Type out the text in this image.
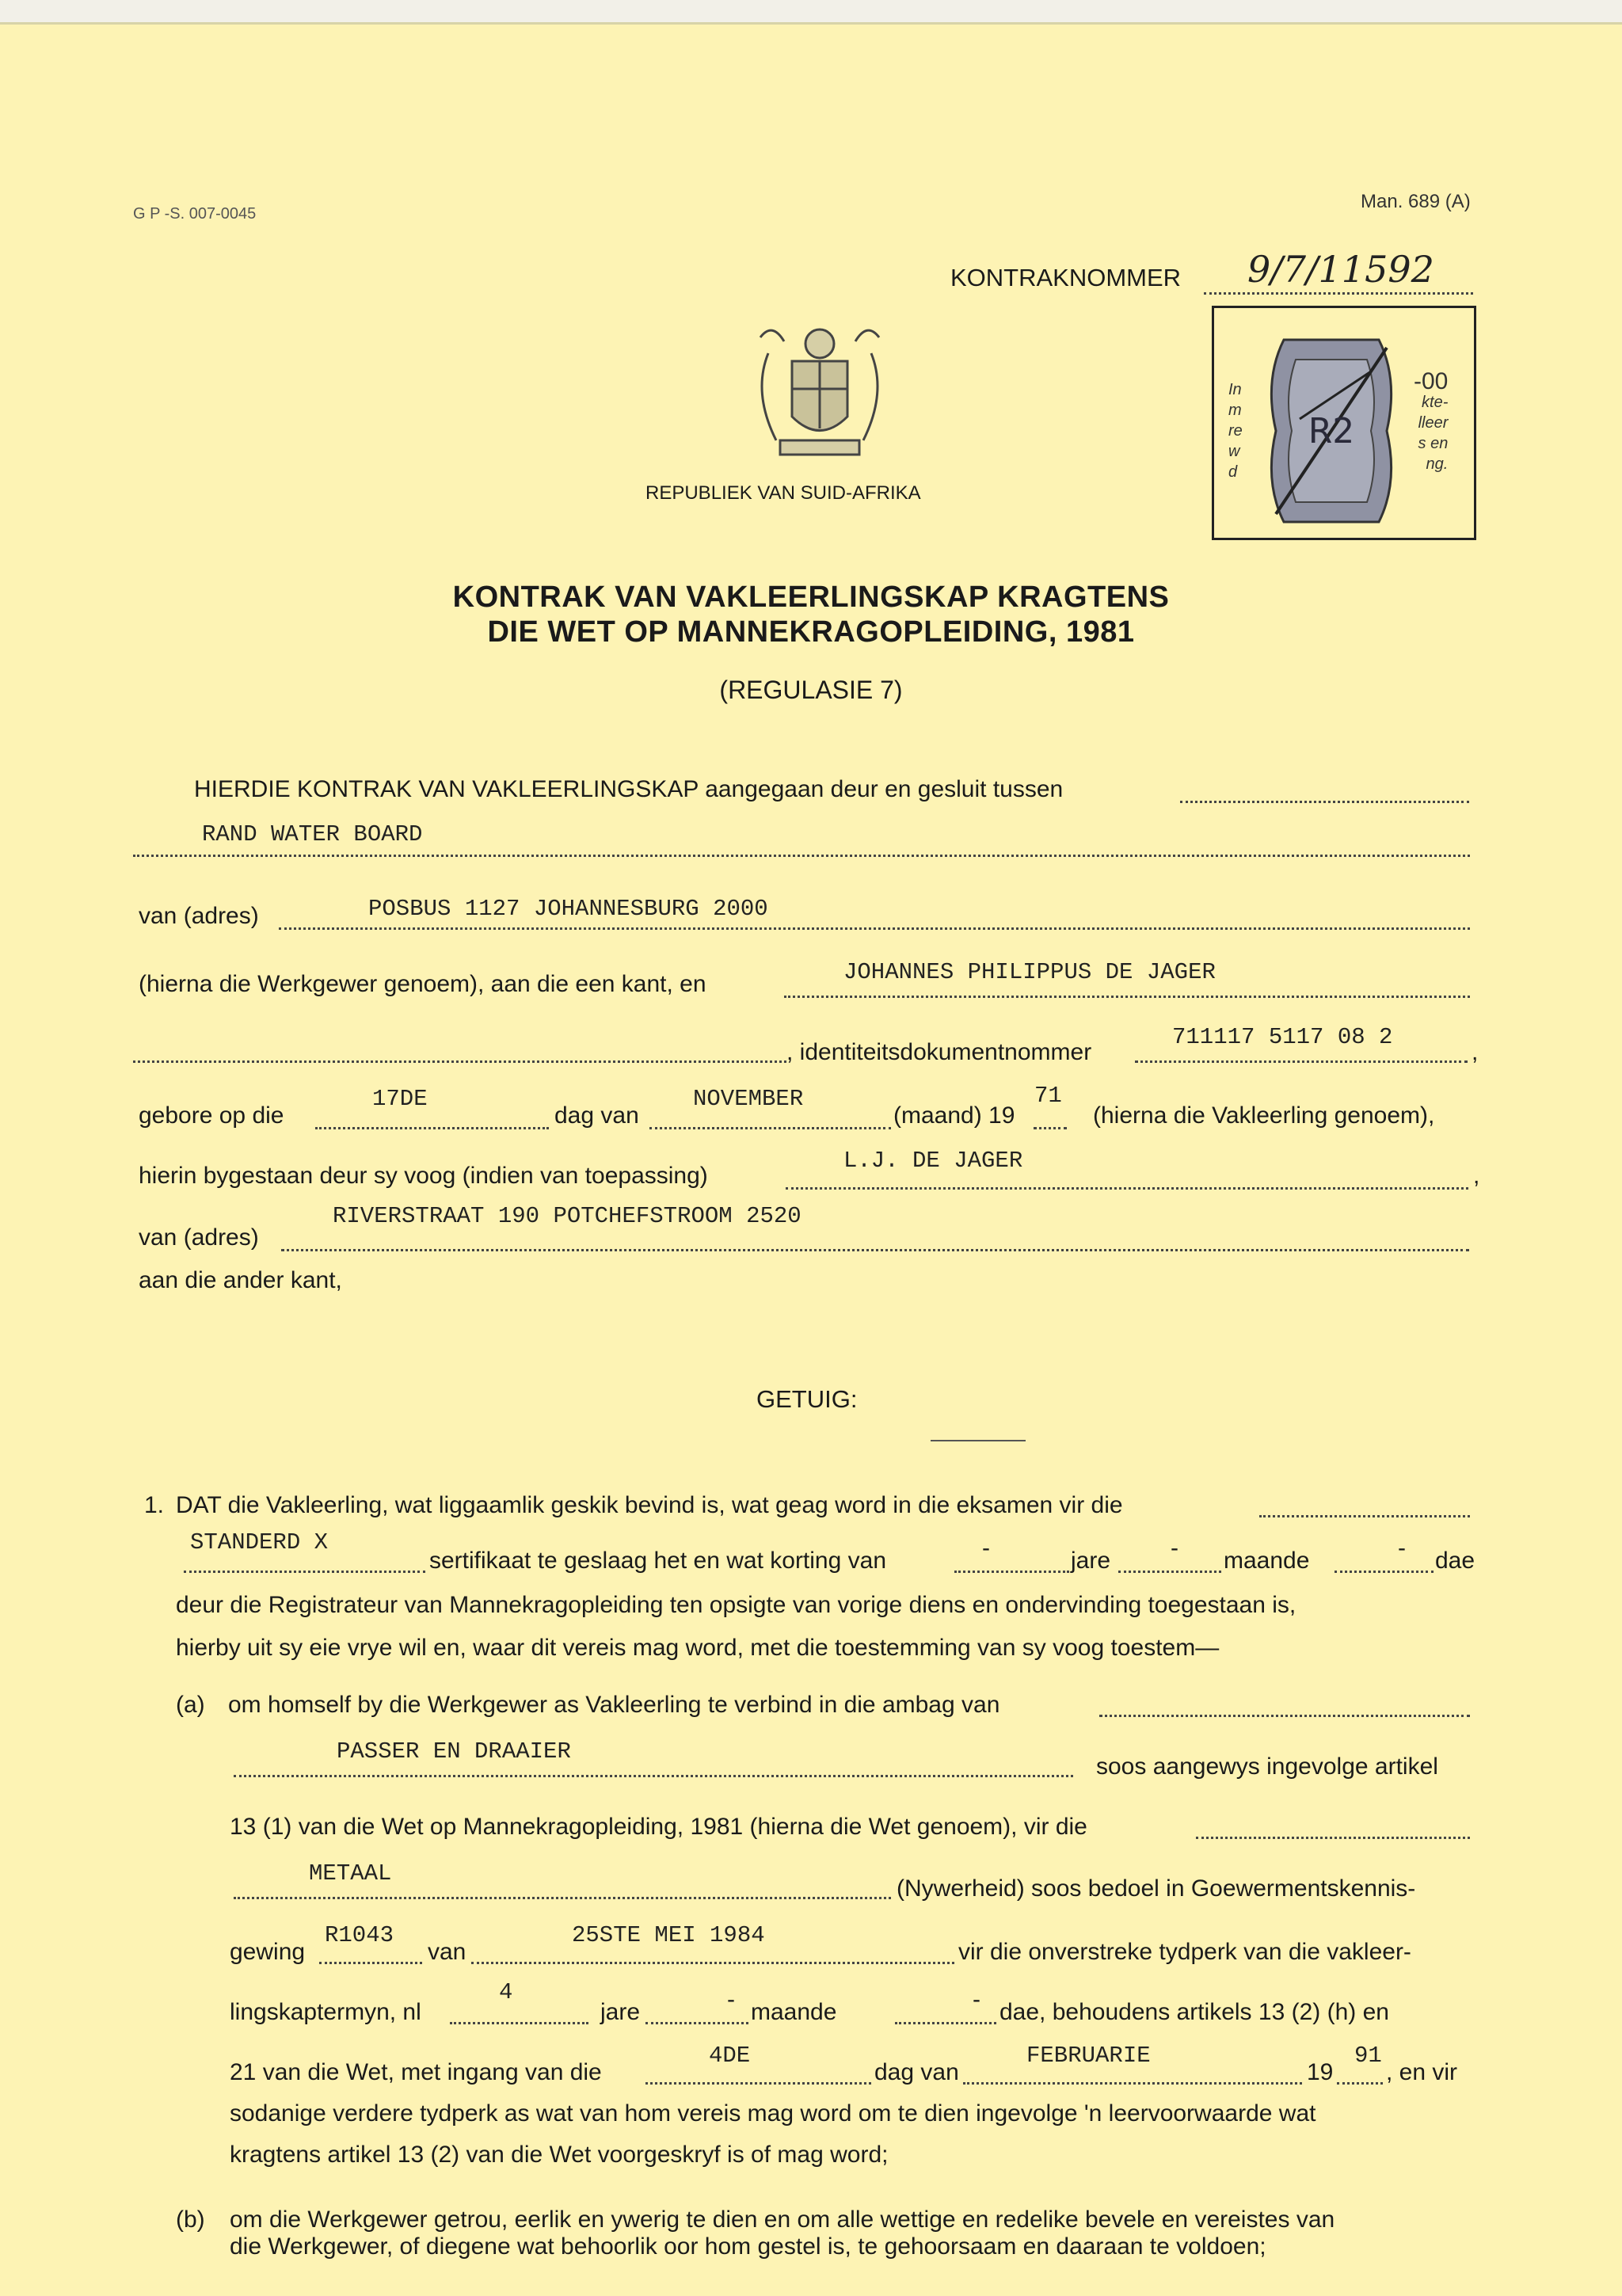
G P -S. 007-0045
Man. 689 (A)
KONTRAKNOMMER 9/7/11592
REPUBLIEK VAN SUID-AFRIKA
In
m
re
w
d
-00
kte-
lleer
s en
ng.
R2
KONTRAK VAN VAKLEERLINGSKAP KRAGTENS
DIE WET OP MANNEKRAGOPLEIDING, 1981
(REGULASIE 7)
HIERDIE KONTRAK VAN VAKLEERLINGSKAP aangegaan deur en gesluit tussen
RAND WATER BOARD
van (adres)	POSBUS 1127 JOHANNESBURG 2000
(hierna die Werkgewer genoem), aan die een kant, en	JOHANNES PHILIPPUS DE JAGER
, identiteitsdokumentnommer
711117 5117 08 2
,
gebore op die
17DE
dag van
NOVEMBER
(maand) 19
71
(hierna die Vakleerling genoem),
hierin bygestaan deur sy voog (indien van toepassing)
L.J. DE JAGER
,
van (adres)
RIVERSTRAAT 190 POTCHEFSTROOM 2520
aan die ander kant,
GETUIG:
1. DAT die Vakleerling, wat liggaamlik geskik bevind is, wat geag word in die eksamen vir die
STANDERD X
sertifikaat te geslaag het en wat korting van	-	jare	- maande	- dae
deur die Registrateur van Mannekragopleiding ten opsigte van vorige diens en ondervinding toegestaan is,
hierby uit sy eie vrye wil en, waar dit vereis mag word, met die toestemming van sy voog toestem—
(a) om homself by die Werkgewer as Vakleerling te verbind in die ambag van
PASSER EN DRAAIER
soos aangewys ingevolge artikel
13 (1) van die Wet op Mannekragopleiding, 1981 (hierna die Wet genoem), vir die
METAAL
(Nywerheid) soos bedoel in Goewermentskennis-
gewing
R1043
van
25STE MEI 1984
vir die onverstreke tydperk van die vakleer-
lingskaptermyn, nl
4
jare	- maande	- dae, behoudens artikels 13 (2) (h) en
21 van die Wet, met ingang van die
4DE
dag van
FEBRUARIE
19
91
, en vir
sodanige verdere tydperk as wat van hom vereis mag word om te dien ingevolge 'n leervoorwaarde wat
kragtens artikel 13 (2) van die Wet voorgeskryf is of mag word;
(b) om die Werkgewer getrou, eerlik en ywerig te dien en om alle wettige en redelike bevele en vereistes van
die Werkgewer, of diegene wat behoorlik oor hom gestel is, te gehoorsaam en daaraan te voldoen;
